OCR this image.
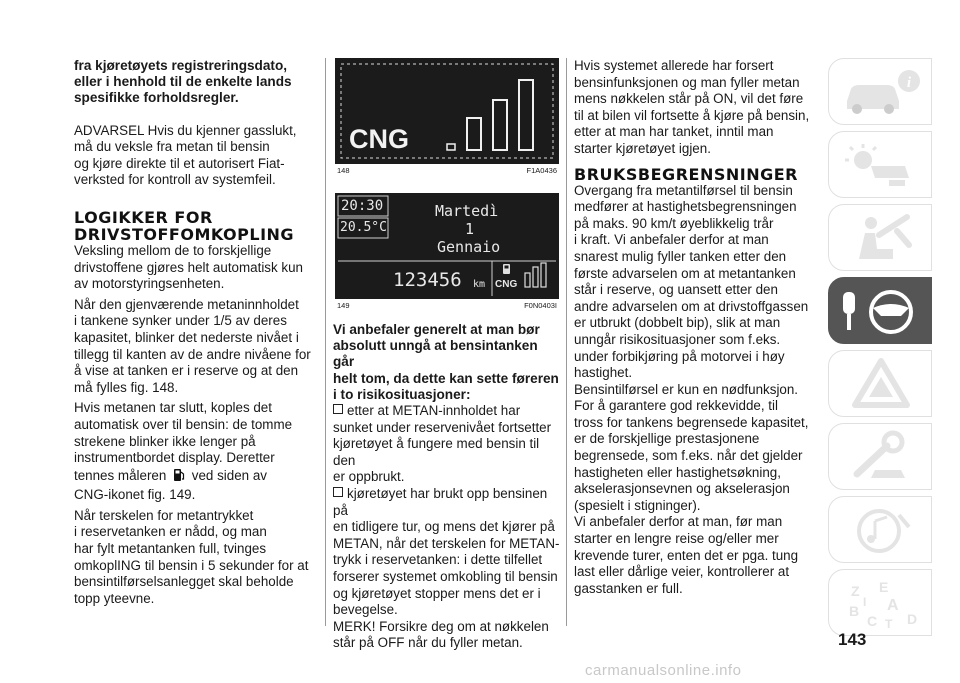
fra kjøretøyets registreringsdato,

eller i henhold til de enkelte lands

spesifikke forholdsregler.

ADVARSEL Hvis du kjenner gasslukt,

må du veksle fra metan til bensin

og kjøre direkte til et autorisert Fiat-

verksted for kontroll av systemfeil.

LOGIKKER FOR

DRIVSTOFFOMKOPLING

Veksling mellom de to forskjellige

drivstoffene gjøres helt automatisk kun

av motorstyringsenheten.

Når den gjenværende metaninnholdet

i tankene synker under 1/5 av deres

kapasitet, blinker det nederste nivået i

tillegg til kanten av de andre nivåene for

å vise at tanken er i reserve og at den

må fylles fig. 148.

Hvis metanen tar slutt, koples det

automatisk over til bensin: de tomme

strekene blinker ikke lenger på

instrumentbordet display. Deretter

tennes måleren ved siden av

CNG-ikonet fig. 149.

Når terskelen for metantrykket

i reservetanken er nådd, og man

har fylt metantanken full, tvinges

omkoplING til bensin i 5 sekunder for at

bensintilførselsanlegget skal beholde

topp yteevne.

CNG
148	F1A0436
20:30
20.5°C
Martedì
1
Gennaio
123456 km CNG
149	F0N0403I

Vi anbefaler generelt at man bør

absolutt unngå at bensintanken går

helt tom, da dette kan sette føreren

i to risikosituasjoner:

etter at METAN-innholdet har

sunket under reservenivået fortsetter

kjøretøyet å fungere med bensin til den

er oppbrukt.

kjøretøyet har brukt opp bensinen på

en tidligere tur, og mens det kjører på

METAN, når det terskelen for METAN-

trykk i reservetanken: i dette tilfellet

forserer systemet omkobling til bensin

og kjøretøyet stopper mens det er i

bevegelse.

MERK! Forsikre deg om at nøkkelen

står på OFF når du fyller metan.

Hvis systemet allerede har forsert

bensinfunksjonen og man fyller metan

mens nøkkelen står på ON, vil det føre

til at bilen vil fortsette å kjøre på bensin,

etter at man har tanket, inntil man

starter kjøretøyet igjen.

BRUKSBEGRENSNINGER

Overgang fra metantilførsel til bensin

medfører at hastighetsbegrensningen

på maks. 90 km/t øyeblikkelig trår

i kraft. Vi anbefaler derfor at man

snarest mulig fyller tanken etter den

første advarselen om at metantanken

står i reserve, og uansett etter den

andre advarselen om at drivstoffgassen

er utbrukt (dobbelt bip), slik at man

unngår risikosituasjoner som f.eks.

under forbikjøring på motorvei i høy

hastighet.

Bensintilførsel er kun en nødfunksjon.

For å garantere god rekkevidde, til

tross for tankens begrensede kapasitet,

er de forskjellige prestasjonene

begrensede, som f.eks. når det gjelder

hastigheten eller hastighetsøkning,

akselerasjonsevnen og akselerasjon

(spesielt i stigninger).

Vi anbefaler derfor at man, før man

starter en lengre reise og/eller mer

krevende turer, enten det er pga. tung

last eller dårlige veier, kontrollerer at

gasstanken er full.

i
Z E
B A
C T D
I
143
carmanualsonline.info
